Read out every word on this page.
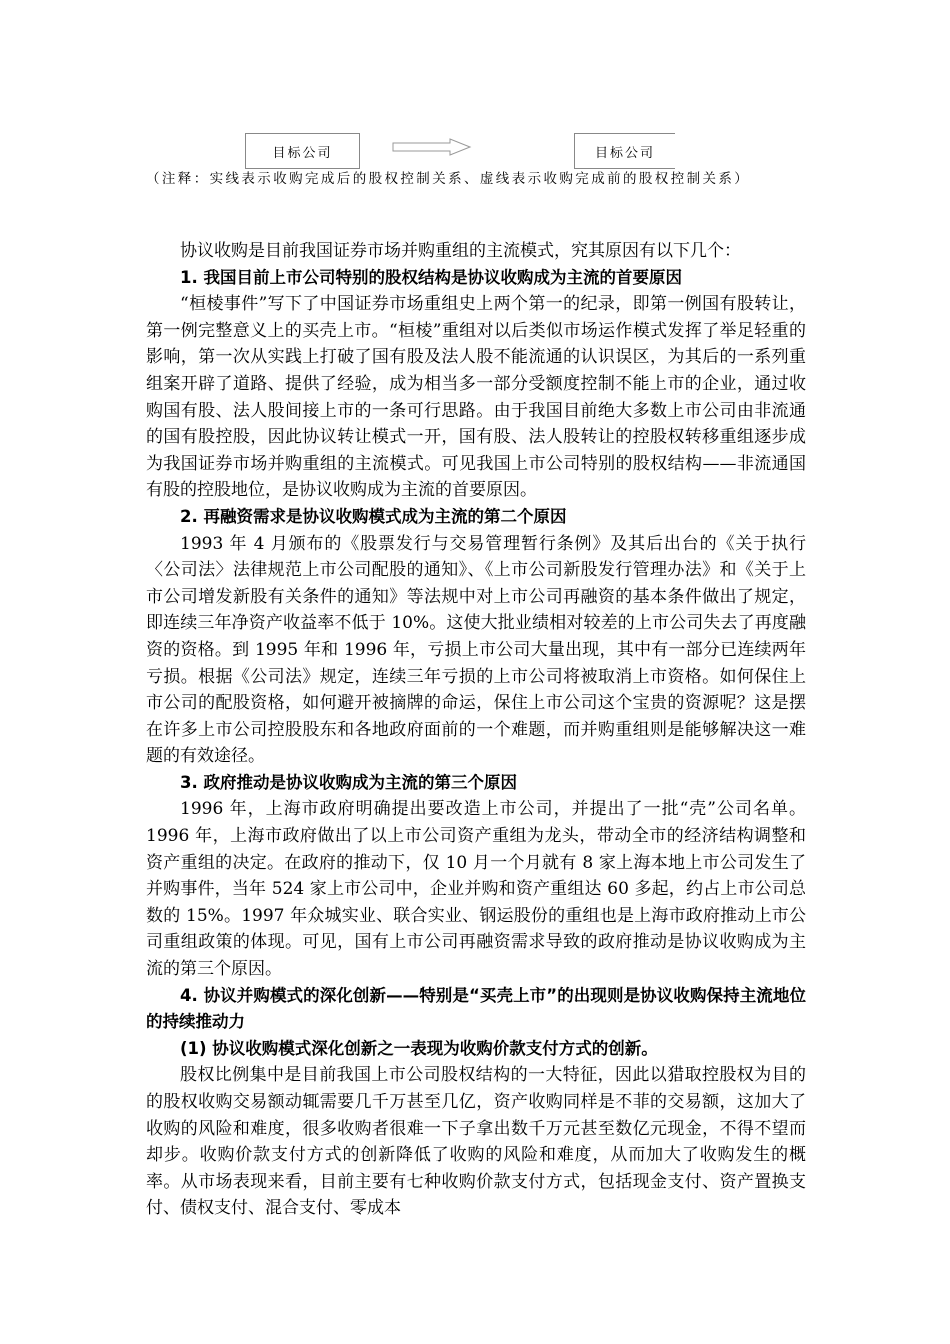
目标公司	目标公司
（注释：实线表示收购完成后的股权控制关系、虚线表示收购完成前的股权控制关系）

协议收购是目前我国证券市场并购重组的主流模式，究其原因有以下几个：

1. 我国目前上市公司特别的股权结构是协议收购成为主流的首要原因

“桓棱事件”写下了中国证券市场重组史上两个第一的纪录，即第一例国有股转让，第一例完整意义上的买壳上市。“桓棱”重组对以后类似市场运作模式发挥了举足轻重的影响，第一次从实践上打破了国有股及法人股不能流通的认识误区，为其后的一系列重组案开辟了道路、提供了经验，成为相当多一部分受额度控制不能上市的企业，通过收购国有股、法人股间接上市的一条可行思路。由于我国目前绝大多数上市公司由非流通的国有股控股，因此协议转让模式一开，国有股、法人股转让的控股权转移重组逐步成为我国证券市场并购重组的主流模式。可见我国上市公司特别的股权结构——非流通国有股的控股地位，是协议收购成为主流的首要原因。

2. 再融资需求是协议收购模式成为主流的第二个原因

1993 年 4 月颁布的《股票发行与交易管理暂行条例》及其后出台的《关于执行〈公司法〉法律规范上市公司配股的通知》、《上市公司新股发行管理办法》和《关于上市公司增发新股有关条件的通知》等法规中对上市公司再融资的基本条件做出了规定，即连续三年净资产收益率不低于 10%。这使大批业绩相对较差的上市公司失去了再度融资的资格。到 1995 年和 1996 年，亏损上市公司大量出现，其中有一部分已连续两年亏损。根据《公司法》规定，连续三年亏损的上市公司将被取消上市资格。如何保住上市公司的配股资格，如何避开被摘牌的命运，保住上市公司这个宝贵的资源呢？这是摆在许多上市公司控股股东和各地政府面前的一个难题，而并购重组则是能够解决这一难题的有效途径。

3. 政府推动是协议收购成为主流的第三个原因

1996 年，上海市政府明确提出要改造上市公司，并提出了一批“壳”公司名单。1996 年，上海市政府做出了以上市公司资产重组为龙头，带动全市的经济结构调整和资产重组的决定。在政府的推动下，仅 10 月一个月就有 8 家上海本地上市公司发生了并购事件，当年 524 家上市公司中，企业并购和资产重组达 60 多起，约占上市公司总数的 15%。1997 年众城实业、联合实业、钢运股份的重组也是上海市政府推动上市公司重组政策的体现。可见，国有上市公司再融资需求导致的政府推动是协议收购成为主流的第三个原因。

4. 协议并购模式的深化创新——特别是“买壳上市”的出现则是协议收购保持主流地位的持续推动力

(1) 协议收购模式深化创新之一表现为收购价款支付方式的创新。

股权比例集中是目前我国上市公司股权结构的一大特征，因此以猎取控股权为目的的股权收购交易额动辄需要几千万甚至几亿，资产收购同样是不菲的交易额，这加大了收购的风险和难度，很多收购者很难一下子拿出数千万元甚至数亿元现金，不得不望而却步。收购价款支付方式的创新降低了收购的风险和难度，从而加大了收购发生的概率。从市场表现来看，目前主要有七种收购价款支付方式，包括现金支付、资产置换支付、债权支付、混合支付、零成本
